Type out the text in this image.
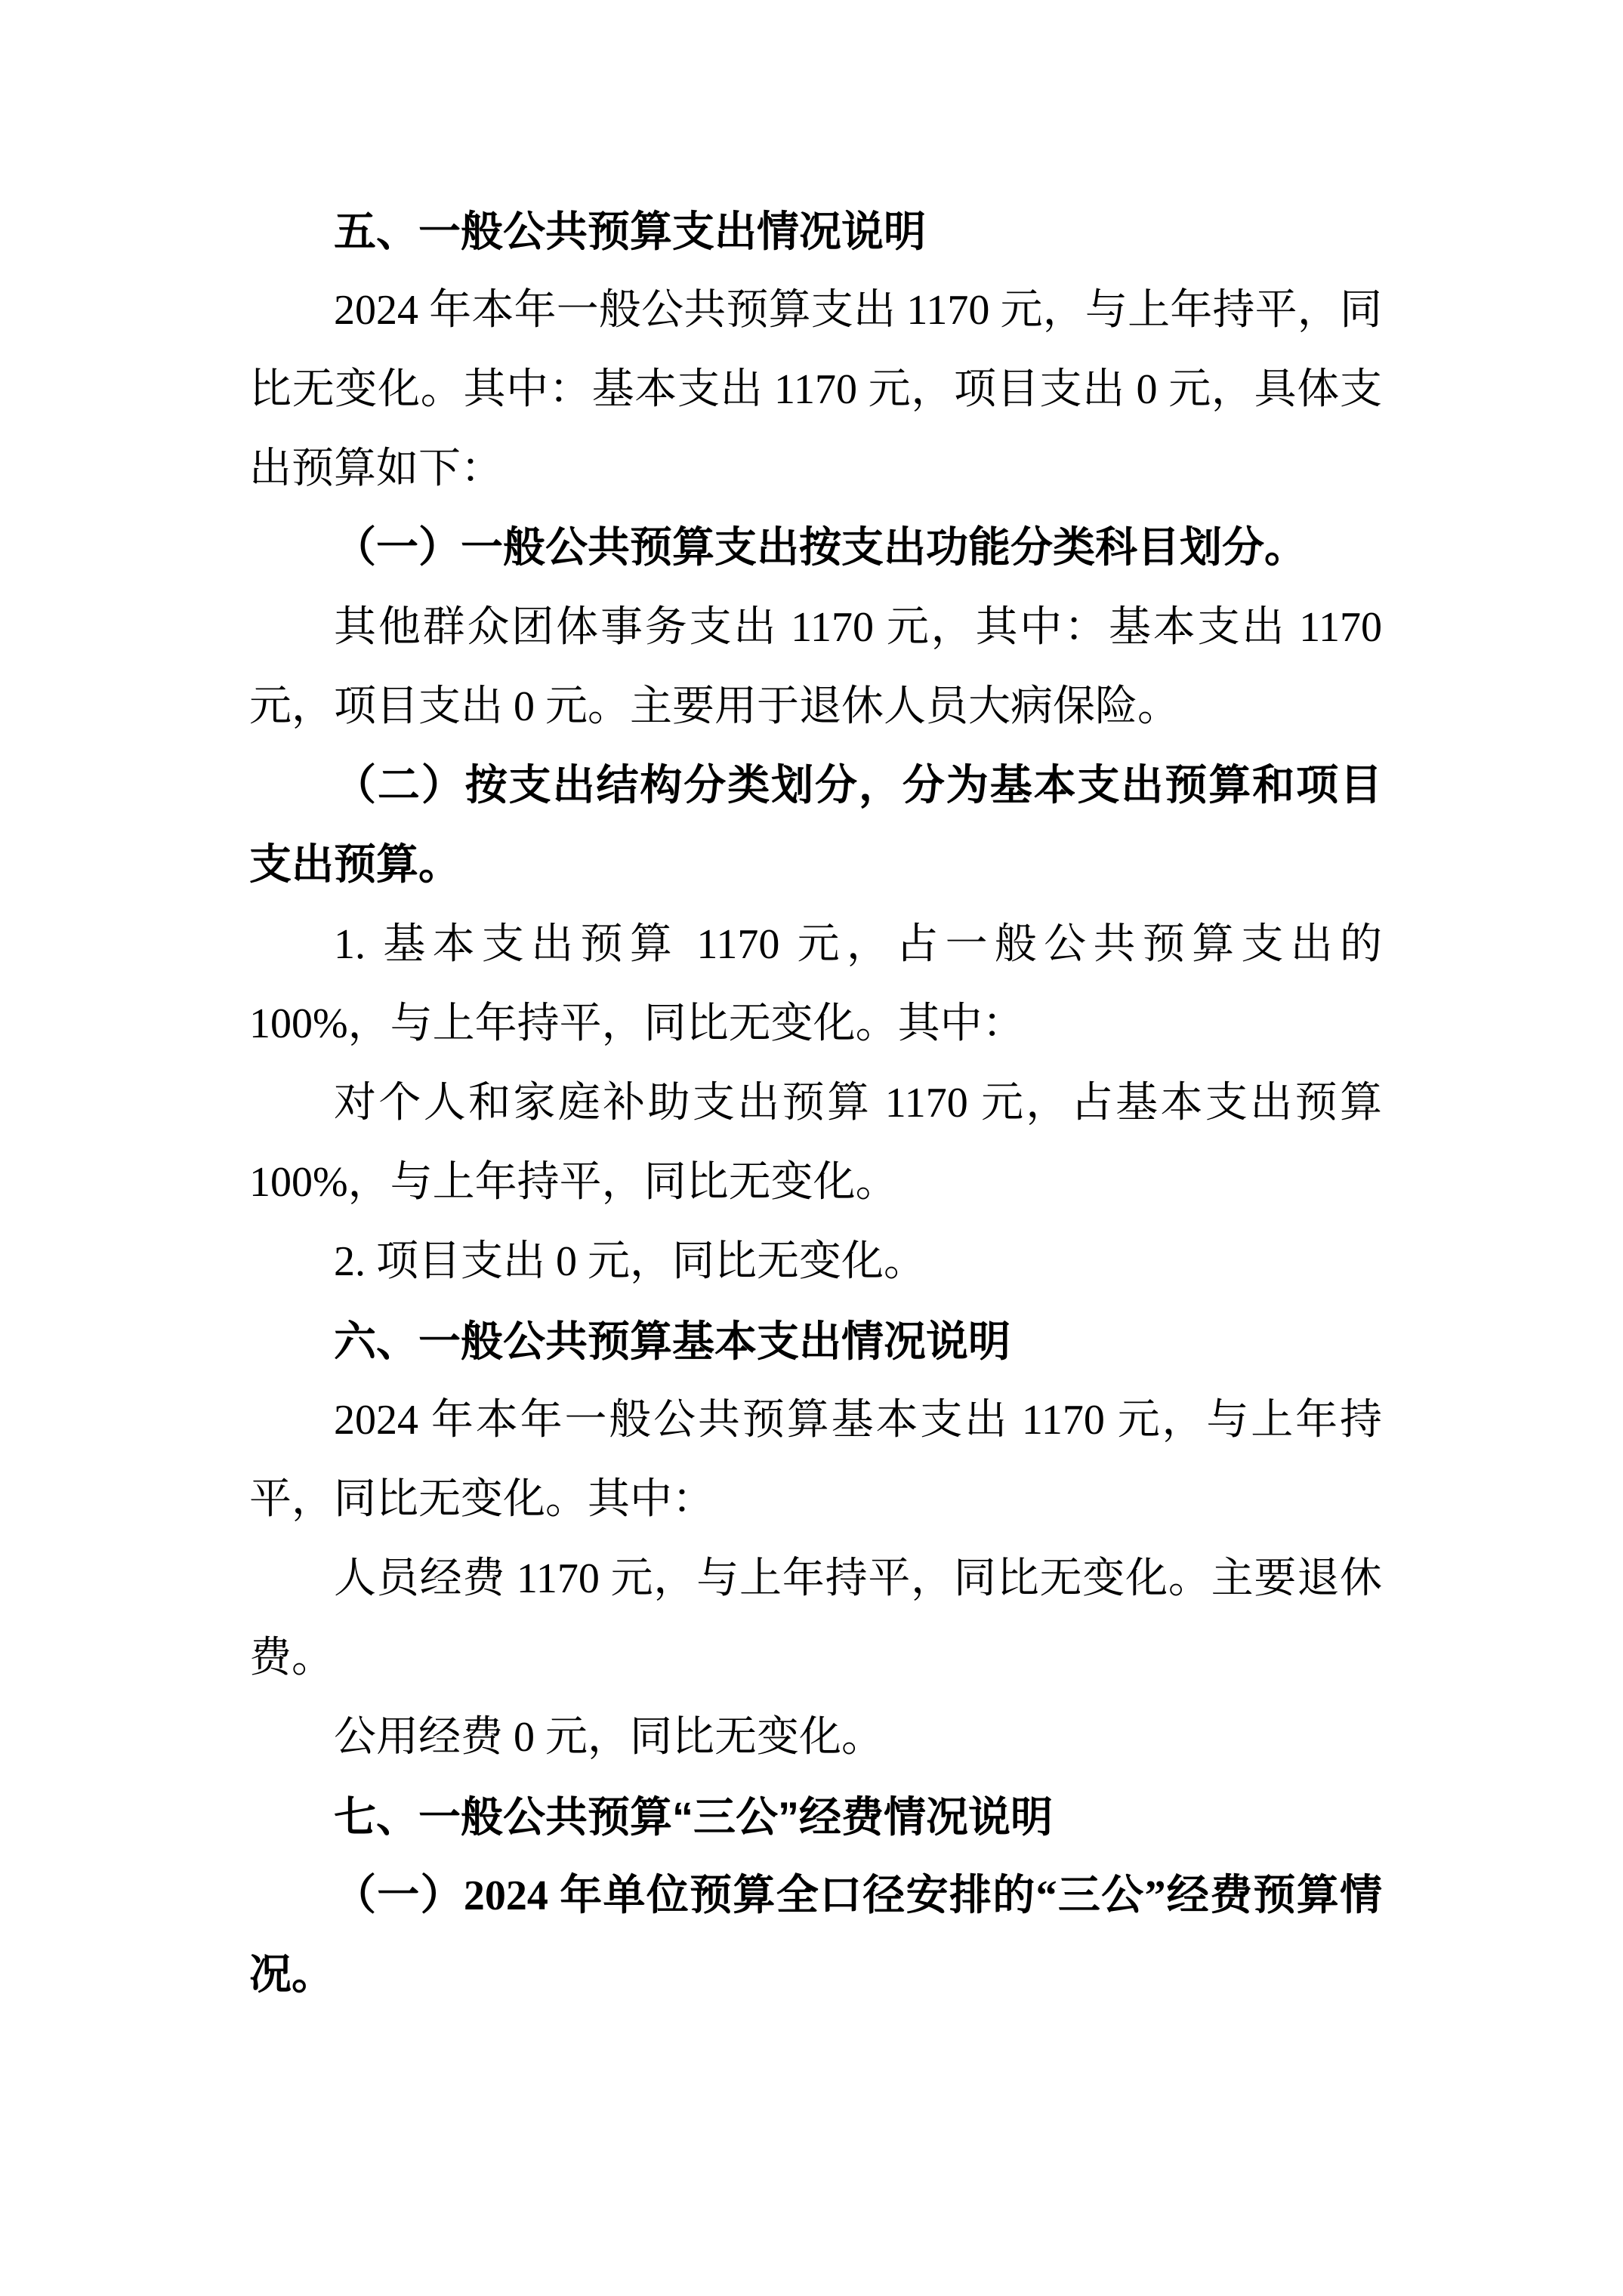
五、一般公共预算支出情况说明

2024 年本年一般公共预算支出 1170 元，与上年持平，同比无变化。其中：基本支出 1170 元，项目支出 0 元，具体支出预算如下：

（一）一般公共预算支出按支出功能分类科目划分。

其他群众团体事务支出 1170 元，其中：基本支出 1170 元，项目支出 0 元。主要用于退休人员大病保险。

（二）按支出结构分类划分，分为基本支出预算和项目支出预算。

1. 基本支出预算 1170 元，占一般公共预算支出的 100%，与上年持平，同比无变化。其中：

对个人和家庭补助支出预算 1170 元，占基本支出预算 100%，与上年持平，同比无变化。

2. 项目支出 0 元，同比无变化。

六、一般公共预算基本支出情况说明

2024 年本年一般公共预算基本支出 1170 元，与上年持平，同比无变化。其中：

人员经费 1170 元，与上年持平，同比无变化。主要退休费。

公用经费 0 元，同比无变化。

七、一般公共预算“三公”经费情况说明

（一）2024 年单位预算全口径安排的“三公”经费预算情况。
